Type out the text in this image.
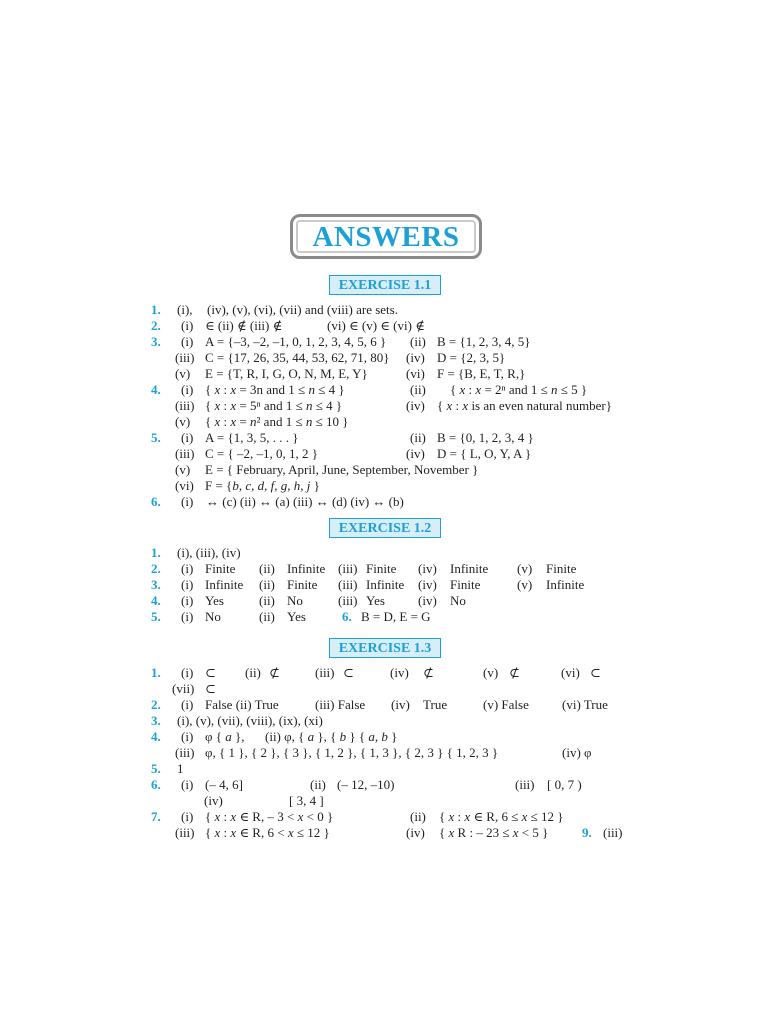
ANSWERS
EXERCISE 1.1
EXERCISE 1.2
EXERCISE 1.3
1. (i), (iv), (v), (vi), (vii) and (viii) are sets.
2. (i) ∈ (ii) ∉ (iii) ∉	(vi) ∈ (v) ∈ (vi) ∉
3. (i) A = {–3, –2, –1, 0, 1, 2, 3, 4, 5, 6 } (ii) B = {1, 2, 3, 4, 5}
(iii) C = {17, 26, 35, 44, 53, 62, 71, 80} (iv) D = {2, 3, 5}
(v) E = {T, R, I, G, O, N, M, E, Y}	(vi) F = {B, E, T, R,}
4. (i) { x : x = 3n and 1 ≤ n ≤ 4 }	(ii) { x : x = 2ⁿ and 1 ≤ n ≤ 5 }
(iii) { x : x = 5ⁿ and 1 ≤ n ≤ 4 }	(iv) { x : x is an even natural number}
(v) { x : x = n² and 1 ≤ n ≤ 10 }
5. (i) A = {1, 3, 5, . . . }	(ii) B = {0, 1, 2, 3, 4 }
(iii) C = { –2, –1, 0, 1, 2 }	(iv) D = { L, O, Y, A }
(v) E = { February, April, June, September, November }
(vi) F = {b, c, d, f, g, h, j }
6. (i) ↔ (c) (ii) ↔ (a) (iii) ↔ (d) (iv) ↔ (b)
1. (i), (iii), (iv)
2. (i) Finite (ii) Infinite (iii) Finite (iv) Infinite (v) Finite
3. (i) Infinite (ii) Finite (iii) Infinite (iv) Finite	(v) Infinite
4. (i) Yes	(ii) No	(iii) Yes	(iv) No
5. (i) No	(ii) Yes	6. B = D, E = G
1. (i) ⊂ (ii) ⊄	(iii) ⊂	(iv) ⊄	(v) ⊄	(vi) ⊂
(vii) ⊂
2. (i) False (ii) True	(iii) False (iv) True	(v) False	(vi) True
3. (i), (v), (vii), (viii), (ix), (xi)
4. (i) φ { a }, (ii) φ, { a }, { b } { a, b }
(iii) φ, { 1 }, { 2 }, { 3 }, { 1, 2 }, { 1, 3 }, { 2, 3 } { 1, 2, 3 }	(iv) φ
5. 1
6. (i) (– 4, 6]	(ii) (– 12, –10)	(iii) [ 0, 7 )
(iv)	[ 3, 4 ]
7. (i) { x : x ∈ R, – 3 < x < 0 }	(ii) { x : x ∈ R, 6 ≤ x ≤ 12 }
(iii) { x : x ∈ R, 6 < x ≤ 12 }	(iv) { x R : – 23 ≤ x < 5 }	9. (iii)
